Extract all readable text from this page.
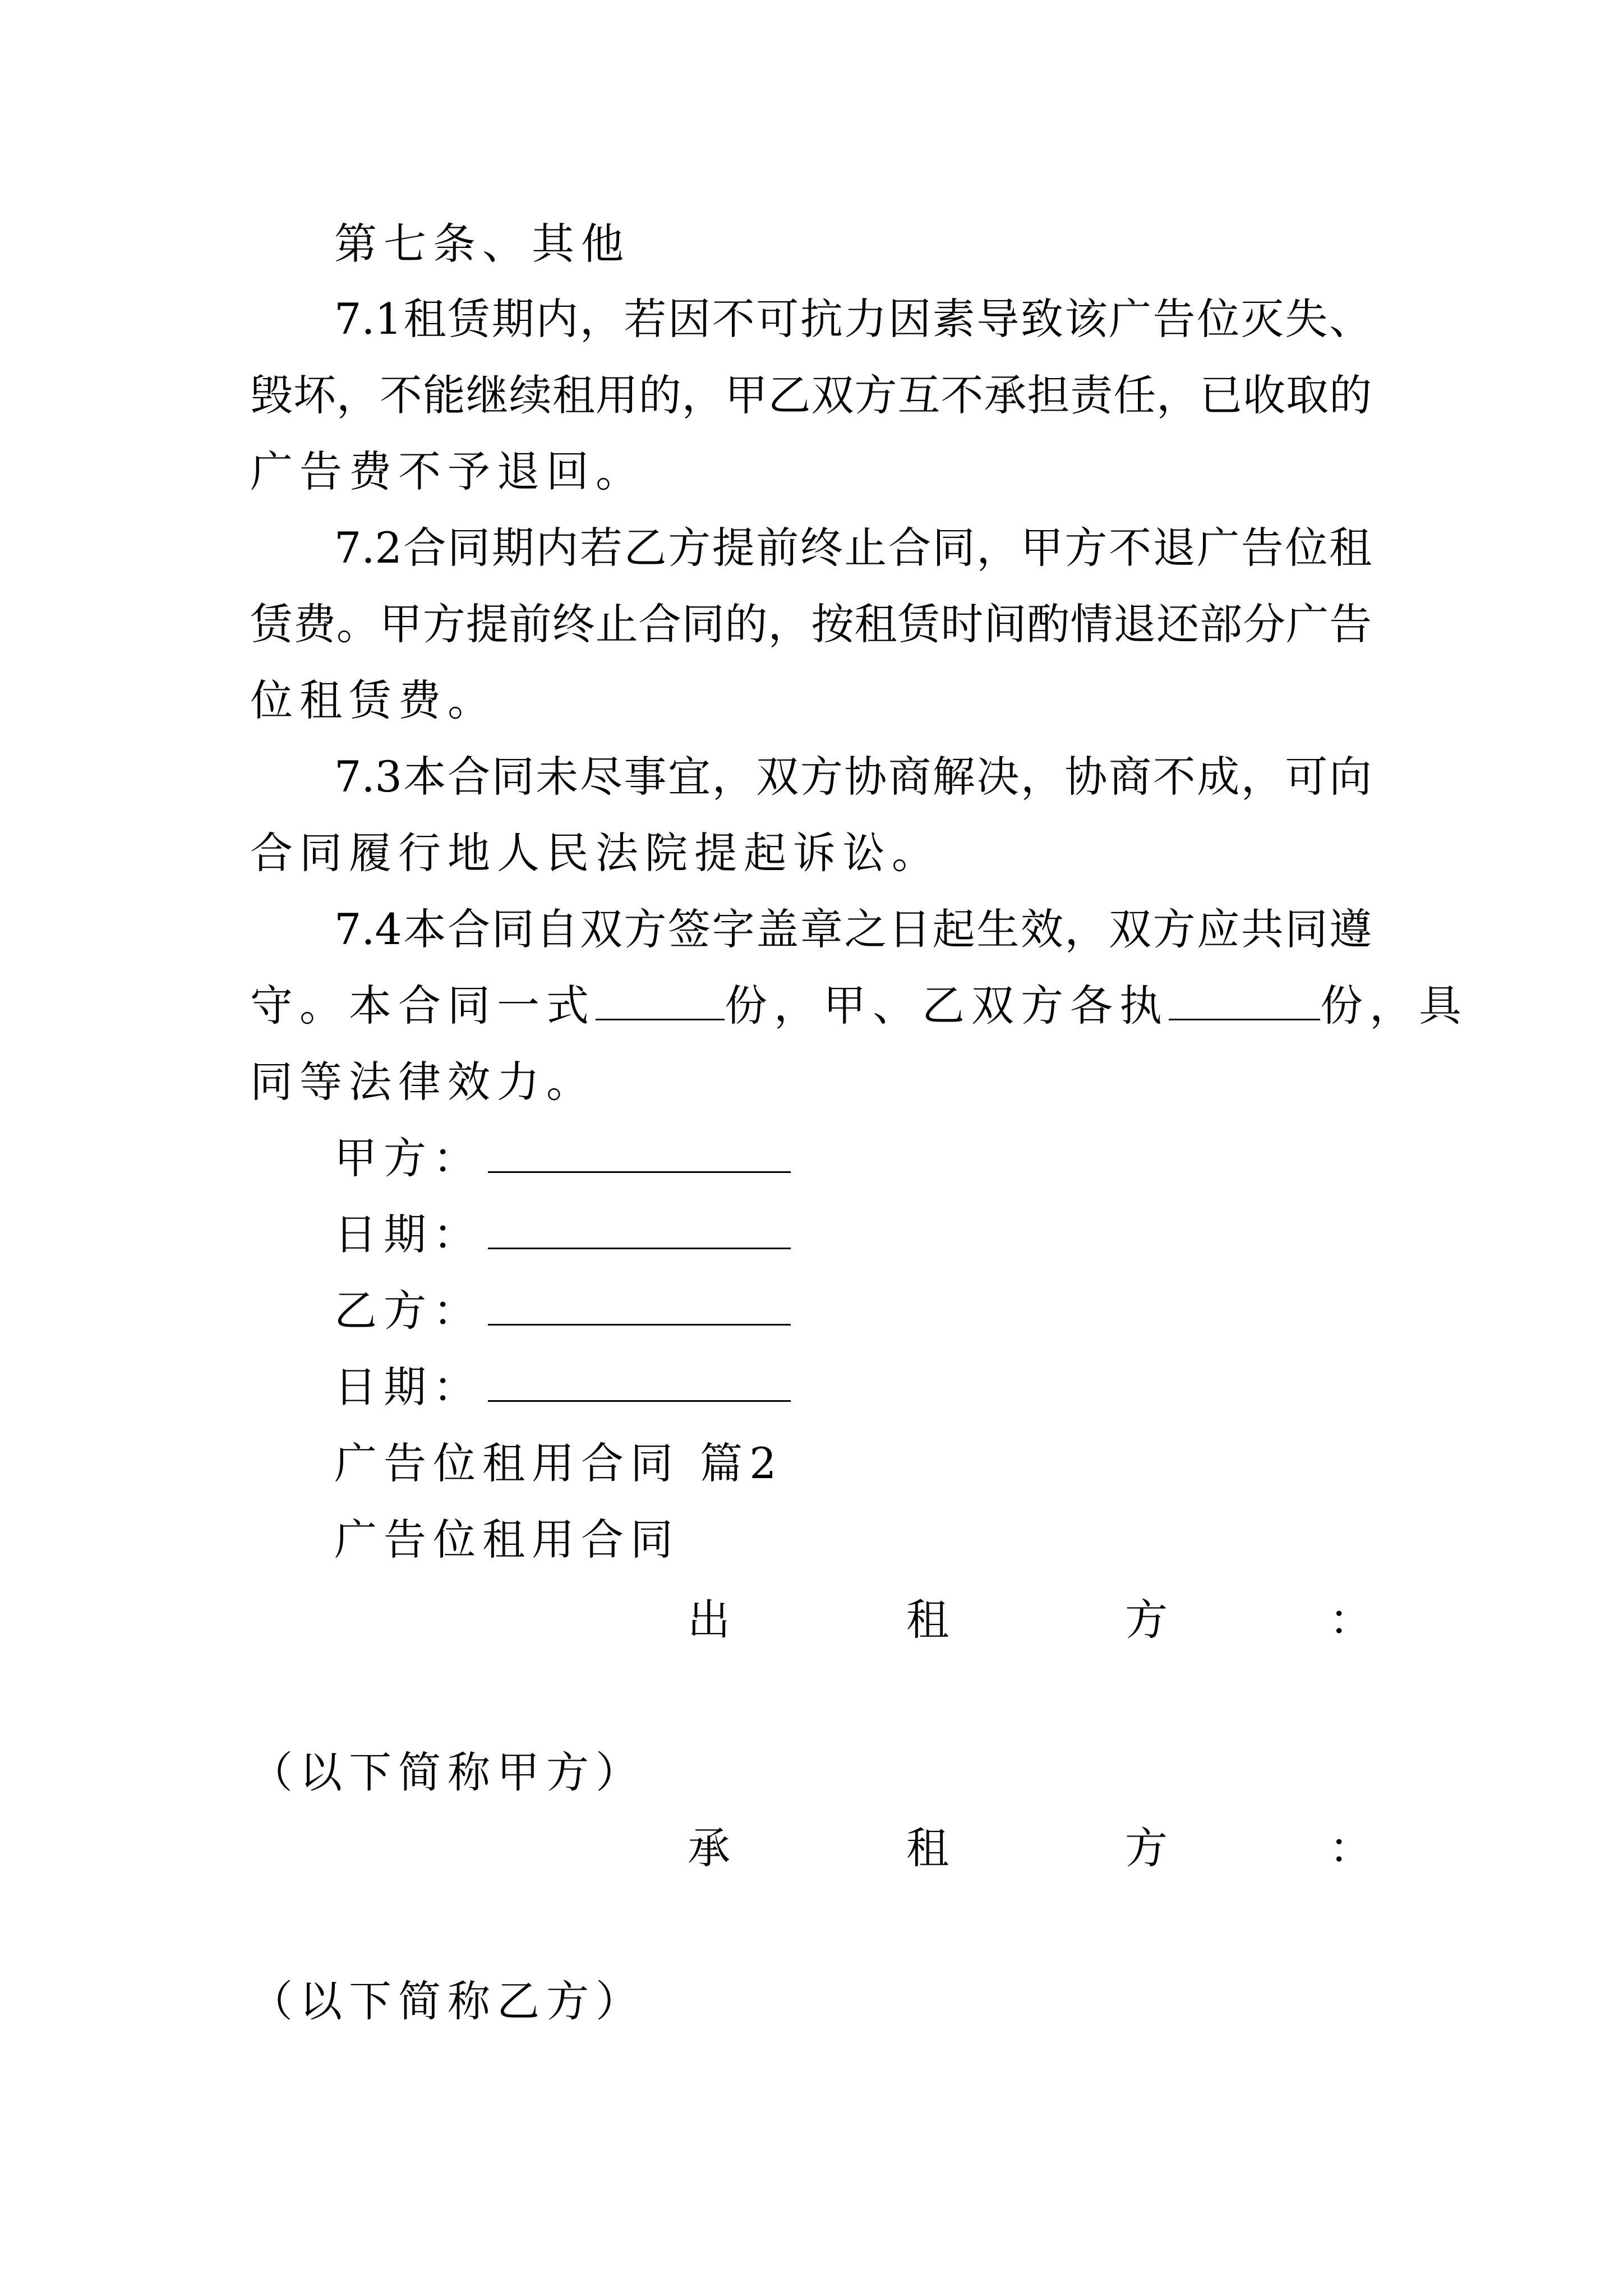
第七条、其他
7.1租赁期内，若因不可抗力因素导致该广告位灭失、
毁坏，不能继续租用的，甲乙双方互不承担责任，已收取的
广告费不予退回。
7.2合同期内若乙方提前终止合同，甲方不退广告位租
赁费。甲方提前终止合同的，按租赁时间酌情退还部分广告
位租赁费。
7.3本合同未尽事宜，双方协商解决，协商不成，可向
合同履行地人民法院提起诉讼。
7.4本合同自双方签字盖章之日起生效，双方应共同遵
守。本合同一式	份，甲、乙双方各执	份，具
同等法律效力。
甲方：
日期：
乙方：
日期：
广告位租用合同 篇2
广告位租用合同
出	租	方	：
（以下简称甲方）
承	租	方	：
（以下简称乙方）
